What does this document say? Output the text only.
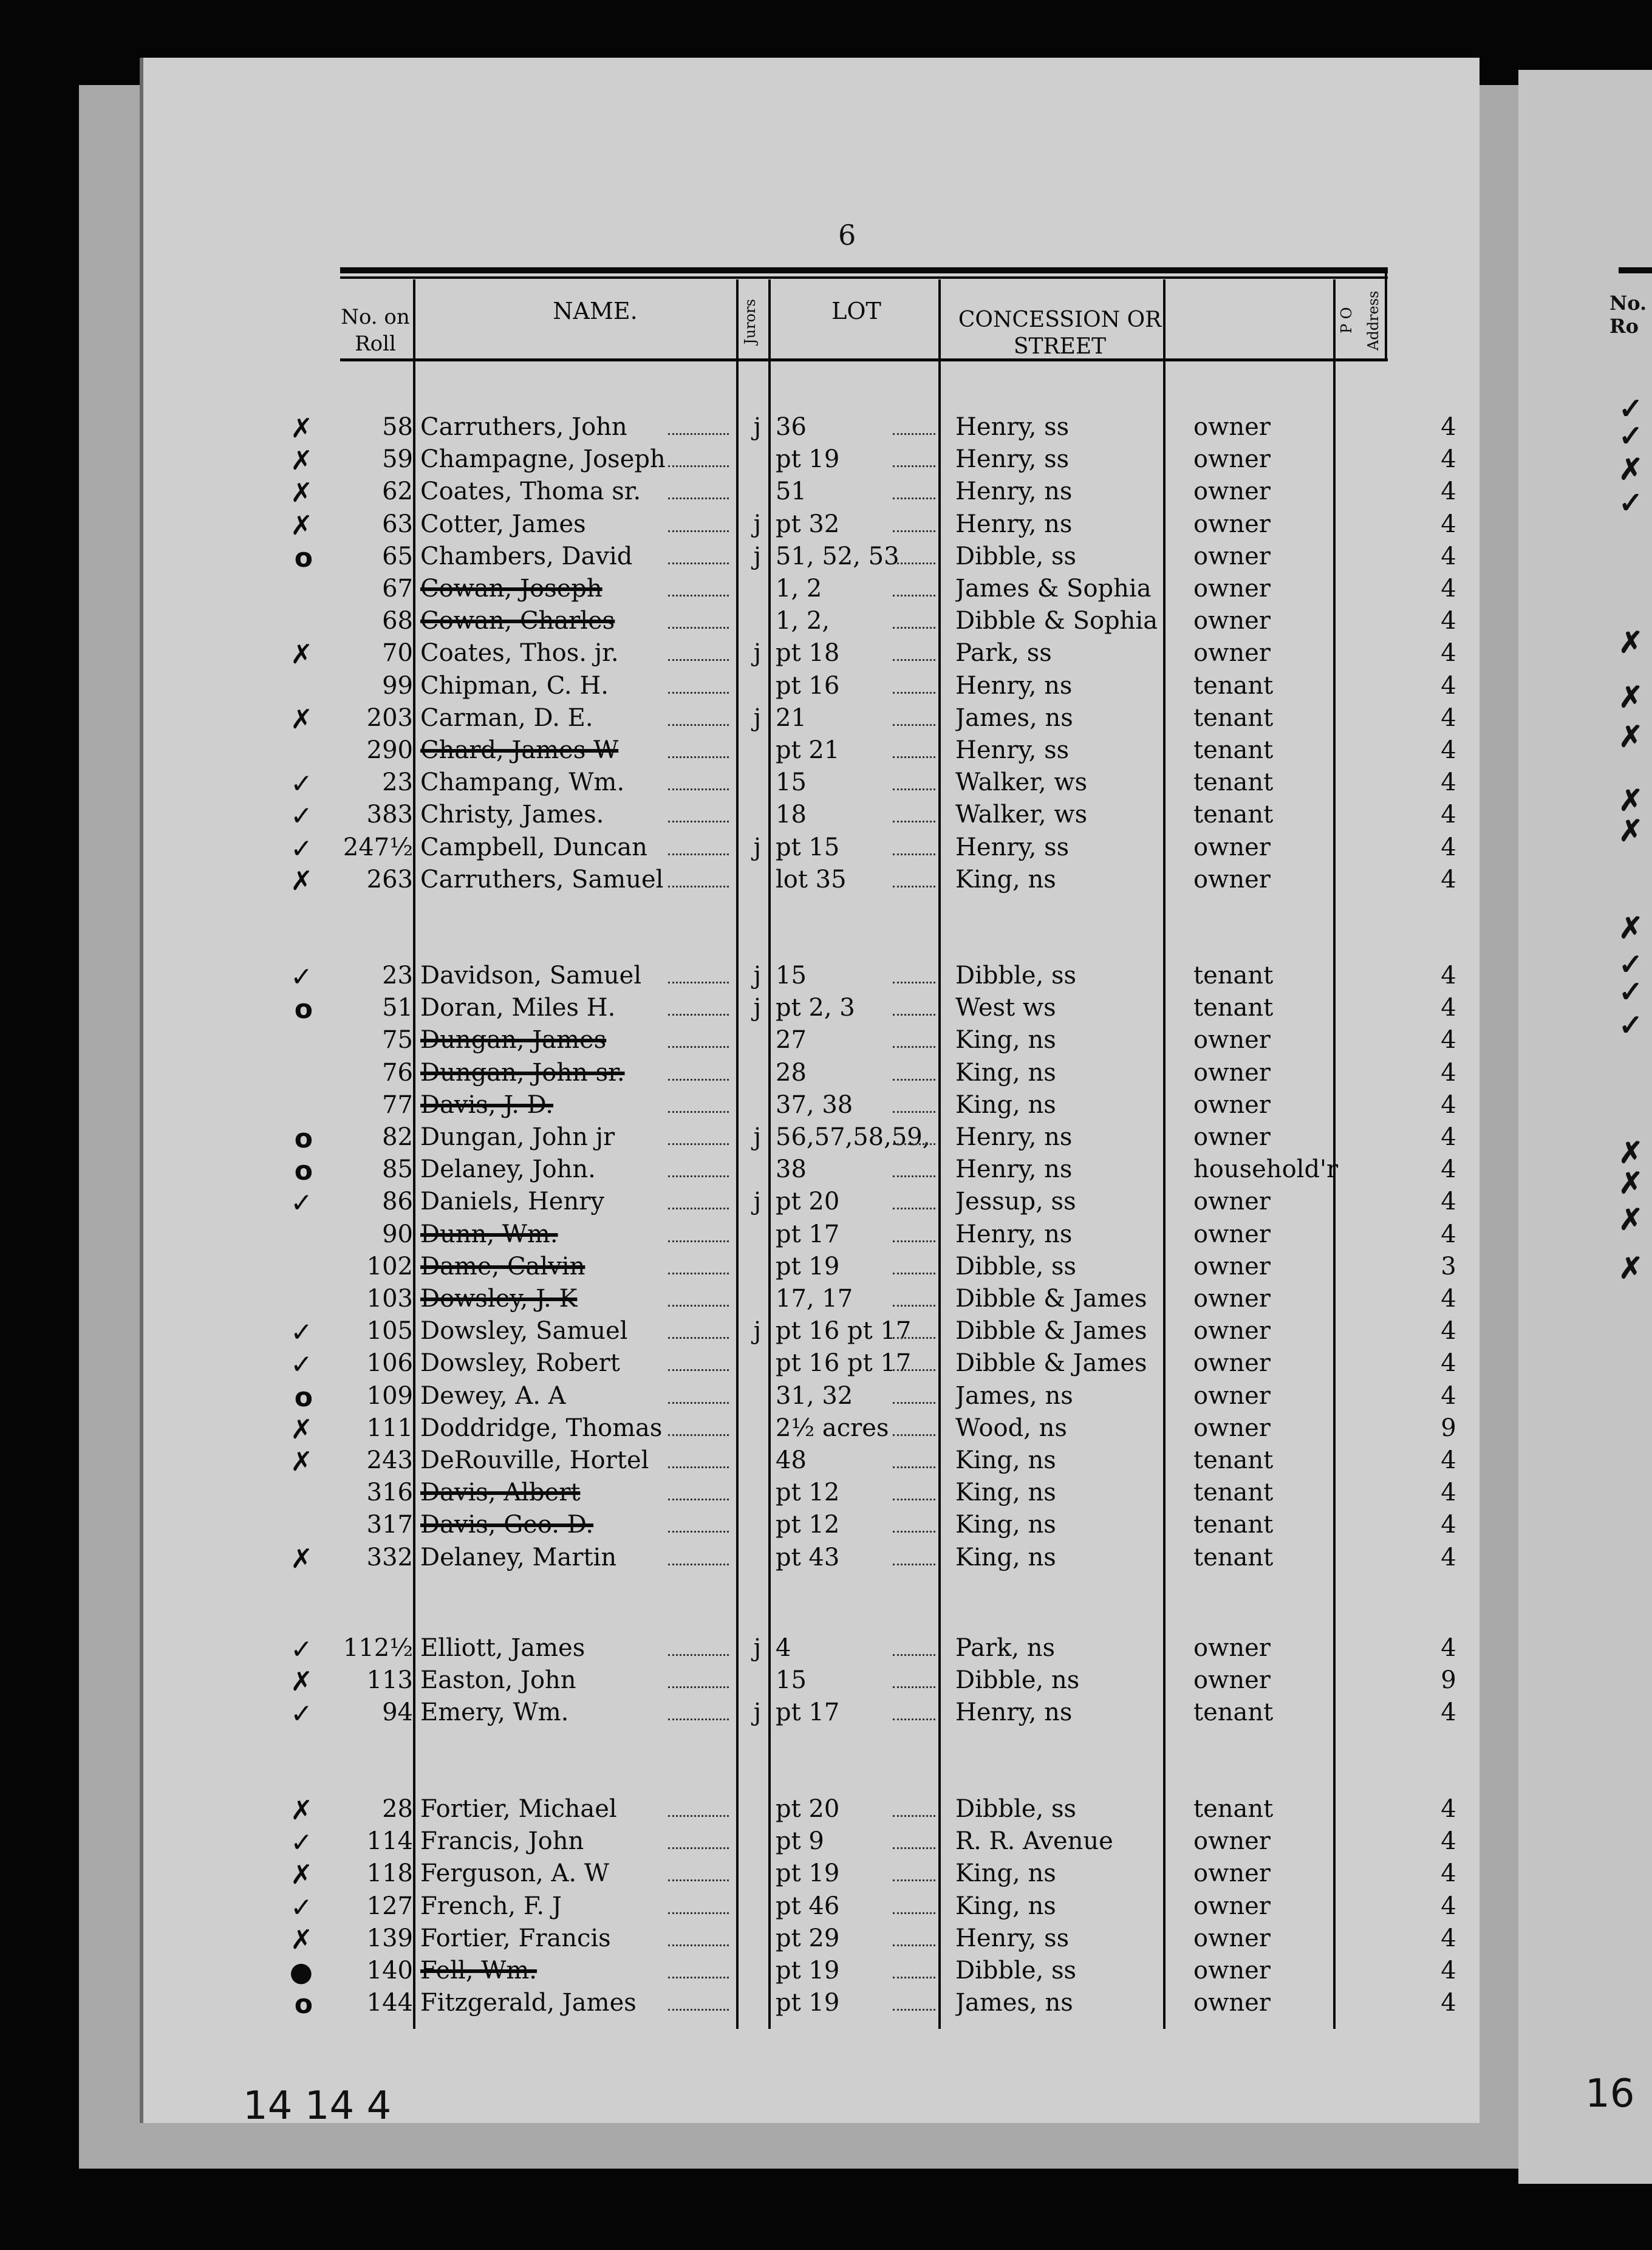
6
No. on Roll
NAME.	Jurors	LOT	CONCESSION OR STREET
P O Address
✗	58 Carruthers, John	j 36	Henry, ss	owner	4
✗	59 Champagne, Joseph	pt 19	Henry, ss	owner	4
✗	62 Coates, Thoma sr.	51	Henry, ns	owner	4
✗	63 Cotter, James	j pt 32	Henry, ns	owner	4
o	65 Chambers, David	j 51, 52, 53	Dibble, ss	owner	4
67 Cowan, Joseph	1, 2	James & Sophia	owner	4
68 Cowan, Charles	1, 2,	Dibble & Sophia	owner	4
✗	70 Coates, Thos. jr.	j pt 18	Park, ss	owner	4
99 Chipman, C. H.	pt 16	Henry, ns	tenant	4
✗	203 Carman, D. E.	j 21	James, ns	tenant	4
290 Chard, James W	pt 21	Henry, ss	tenant	4
✓	23 Champang, Wm.	15	Walker, ws	tenant	4
✓	383 Christy, James.	18	Walker, ws	tenant	4
✓	247½ Campbell, Duncan	j pt 15	Henry, ss	owner	4
✗	263 Carruthers, Samuel	lot 35	King, ns	owner	4
✓	23 Davidson, Samuel	j 15	Dibble, ss	tenant	4
o	51 Doran, Miles H.	j pt 2, 3	West ws	tenant	4
75 Dungan, James	27	King, ns	owner	4
76 Dungan, John sr.	28	King, ns	owner	4
77 Davis, J. D.	37, 38	King, ns	owner	4
o	82 Dungan, John jr	j 56,57,58,59,	Henry, ns	owner	4
o	85 Delaney, John.	38	Henry, ns	household'r	4
✓	86 Daniels, Henry	j pt 20	Jessup, ss	owner	4
90 Dunn, Wm.	pt 17	Henry, ns	owner	4
102 Dame, Calvin	pt 19	Dibble, ss	owner	3
103 Dowsley, J. K	17, 17	Dibble & James	owner	4
✓	105 Dowsley, Samuel	j pt 16 pt 17	Dibble & James	owner	4
✓	106 Dowsley, Robert	pt 16 pt 17	Dibble & James	owner	4
o	109 Dewey, A. A	31, 32	James, ns	owner	4
✗	111 Doddridge, Thomas	2½ acres	Wood, ns	owner	9
✗	243 DeRouville, Hortel	48	King, ns	tenant	4
316 Davis, Albert	pt 12	King, ns	tenant	4
317 Davis, Geo. D.	pt 12	King, ns	tenant	4
✗	332 Delaney, Martin	pt 43	King, ns	tenant	4
✓	112½ Elliott, James	j 4	Park, ns	owner	4
✗	113 Easton, John	15	Dibble, ns	owner	9
✓	94 Emery, Wm.	j pt 17	Henry, ns	tenant	4
✗	28 Fortier, Michael	pt 20	Dibble, ss	tenant	4
✓	114 Francis, John	pt 9	R. R. Avenue	owner	4
✗	118 Ferguson, A. W	pt 19	King, ns	owner	4
✓	127 French, F. J	pt 46	King, ns	owner	4
✗	139 Fortier, Francis	pt 29	Henry, ss	owner	4
●	140 Fell, Wm.	pt 19	Dibble, ss	owner	4
o	144 Fitzgerald, James	pt 19	James, ns	owner	4
No. Ro
✓
✓
✗
✓
✗
✗
✗
✗
✗
✗
✓
✓
✓
✗
✗
✗
✗
14 14 4	16
